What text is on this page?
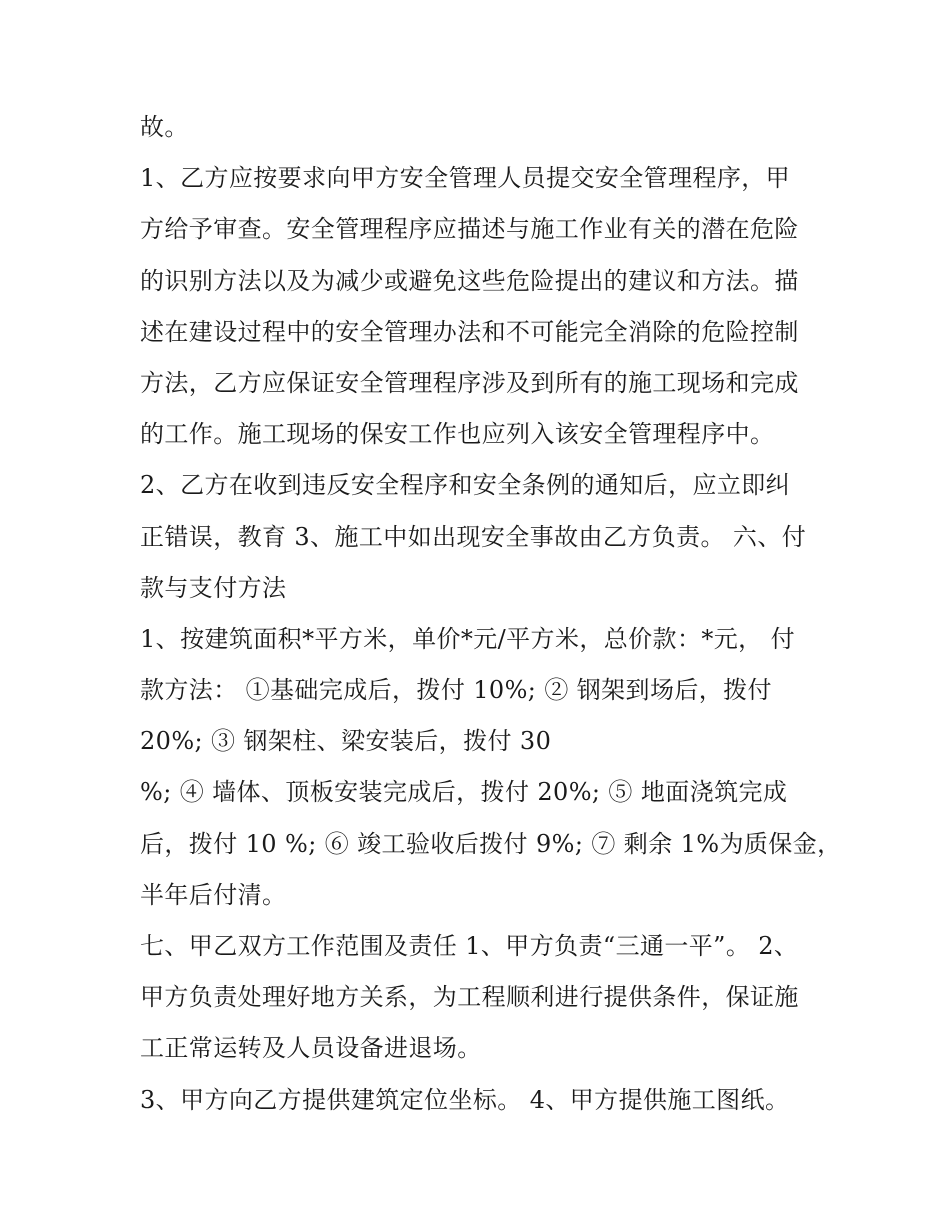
故。
1、乙方应按要求向甲方安全管理人员提交安全管理程序，甲
方给予审查。安全管理程序应描述与施工作业有关的潜在危险
的识别方法以及为减少或避免这些危险提出的建议和方法。描
述在建设过程中的安全管理办法和不可能完全消除的危险控制
方法，乙方应保证安全管理程序涉及到所有的施工现场和完成
的工作。施工现场的保安工作也应列入该安全管理程序中。
2、乙方在收到违反安全程序和安全条例的通知后，应立即纠
正错误，教育 3、施工中如出现安全事故由乙方负责。 六、付
款与支付方法
1、按建筑面积*平方米，单价*元/平方米，总价款：*元， 付
款方法： ①基础完成后，拨付 10%; ② 钢架到场后，拨付
20%; ③ 钢架柱、梁安装后，拨付 30
%; ④ 墙体、顶板安装完成后，拨付 20%; ⑤ 地面浇筑完成
后，拨付 10 %; ⑥ 竣工验收后拨付 9%; ⑦ 剩余 1%为质保金，
半年后付清。
七、甲乙双方工作范围及责任 1、甲方负责“三通一平”。 2、
甲方负责处理好地方关系，为工程顺利进行提供条件，保证施
工正常运转及人员设备进退场。
3、甲方向乙方提供建筑定位坐标。 4、甲方提供施工图纸。
